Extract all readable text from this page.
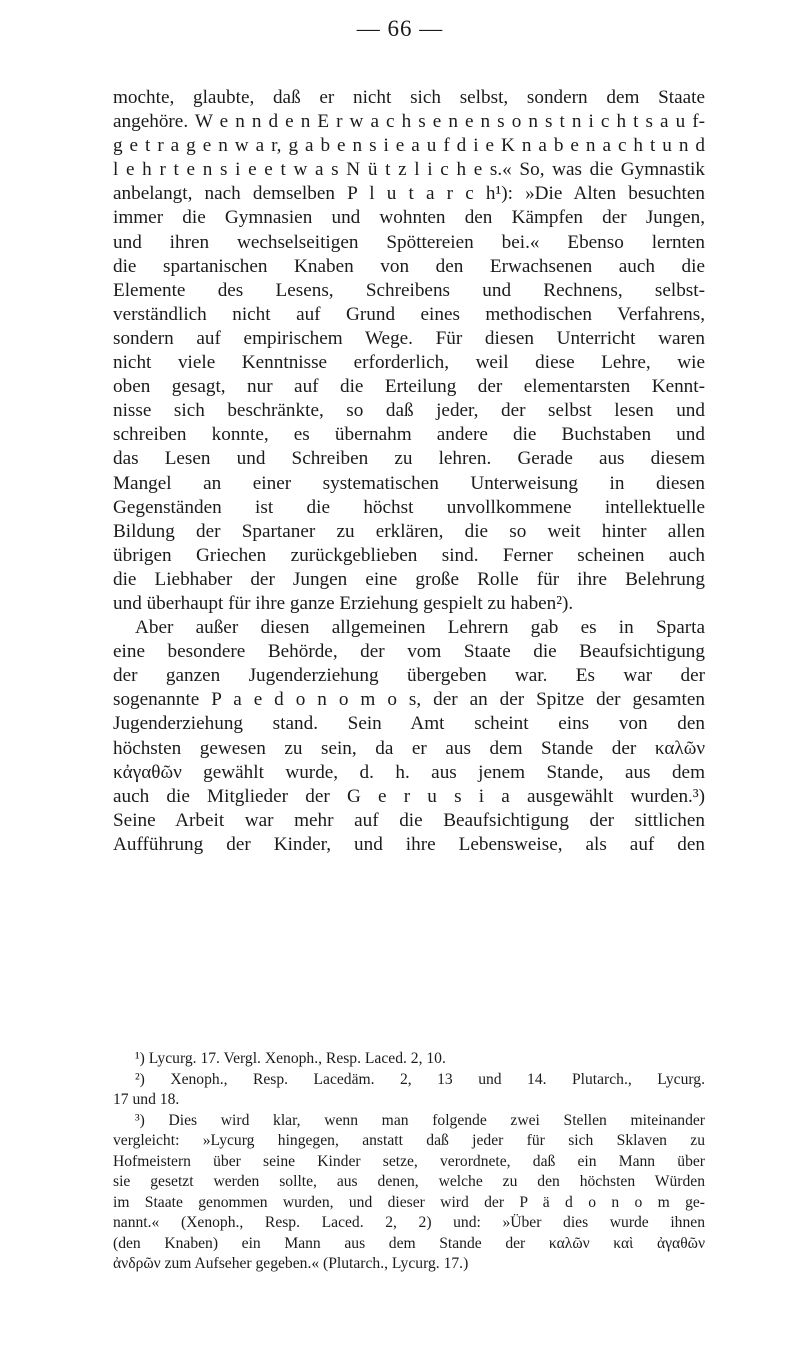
— 66 —
mochte, glaubte, daß er nicht sich selbst, sondern dem Staate
angehöre. W e n n d e n E r w a c h s e n e n s o n s t n i c h t s a u f-
g e t r a g e n w a r, g a b e n s i e a u f d i e K n a b e n a c h t u n d
l e h r t e n s i e e t w a s N ü t z l i c h e s.« So, was die Gymnastik
anbelangt, nach demselben P l u t a r c h¹): »Die Alten besuchten
immer die Gymnasien und wohnten den Kämpfen der Jungen,
und ihren wechselseitigen Spöttereien bei.« Ebenso lernten
die spartanischen Knaben von den Erwachsenen auch die
Elemente des Lesens, Schreibens und Rechnens, selbst-
verständlich nicht auf Grund eines methodischen Verfahrens,
sondern auf empirischem Wege. Für diesen Unterricht waren
nicht viele Kenntnisse erforderlich, weil diese Lehre, wie
oben gesagt, nur auf die Erteilung der elementarsten Kennt-
nisse sich beschränkte, so daß jeder, der selbst lesen und
schreiben konnte, es übernahm andere die Buchstaben und
das Lesen und Schreiben zu lehren. Gerade aus diesem
Mangel an einer systematischen Unterweisung in diesen
Gegenständen ist die höchst unvollkommene intellektuelle
Bildung der Spartaner zu erklären, die so weit hinter allen
übrigen Griechen zurückgeblieben sind. Ferner scheinen auch
die Liebhaber der Jungen eine große Rolle für ihre Belehrung
und überhaupt für ihre ganze Erziehung gespielt zu haben²).
Aber außer diesen allgemeinen Lehrern gab es in Sparta
eine besondere Behörde, der vom Staate die Beaufsichtigung
der ganzen Jugenderziehung übergeben war. Es war der
sogenannte P a e d o n o m o s, der an der Spitze der gesamten
Jugenderziehung stand. Sein Amt scheint eins von den
höchsten gewesen zu sein, da er aus dem Stande der καλῶν
κἀγαθῶν gewählt wurde, d. h. aus jenem Stande, aus dem
auch die Mitglieder der G e r u s i a ausgewählt wurden.³)
Seine Arbeit war mehr auf die Beaufsichtigung der sittlichen
Aufführung der Kinder, und ihre Lebensweise, als auf den
¹) Lycurg. 17. Vergl. Xenoph., Resp. Laced. 2, 10.
²) Xenoph., Resp. Lacedäm. 2, 13 und 14. Plutarch., Lycurg.
17 und 18.
³) Dies wird klar, wenn man folgende zwei Stellen miteinander
vergleicht: »Lycurg hingegen, anstatt daß jeder für sich Sklaven zu
Hofmeistern über seine Kinder setze, verordnete, daß ein Mann über
sie gesetzt werden sollte, aus denen, welche zu den höchsten Würden
im Staate genommen wurden, und dieser wird der P ä d o n o m ge-
nannt.« (Xenoph., Resp. Laced. 2, 2) und: »Über dies wurde ihnen
(den Knaben) ein Mann aus dem Stande der καλῶν καὶ ἀγαθῶν
ἀνδρῶν zum Aufseher gegeben.« (Plutarch., Lycurg. 17.)
